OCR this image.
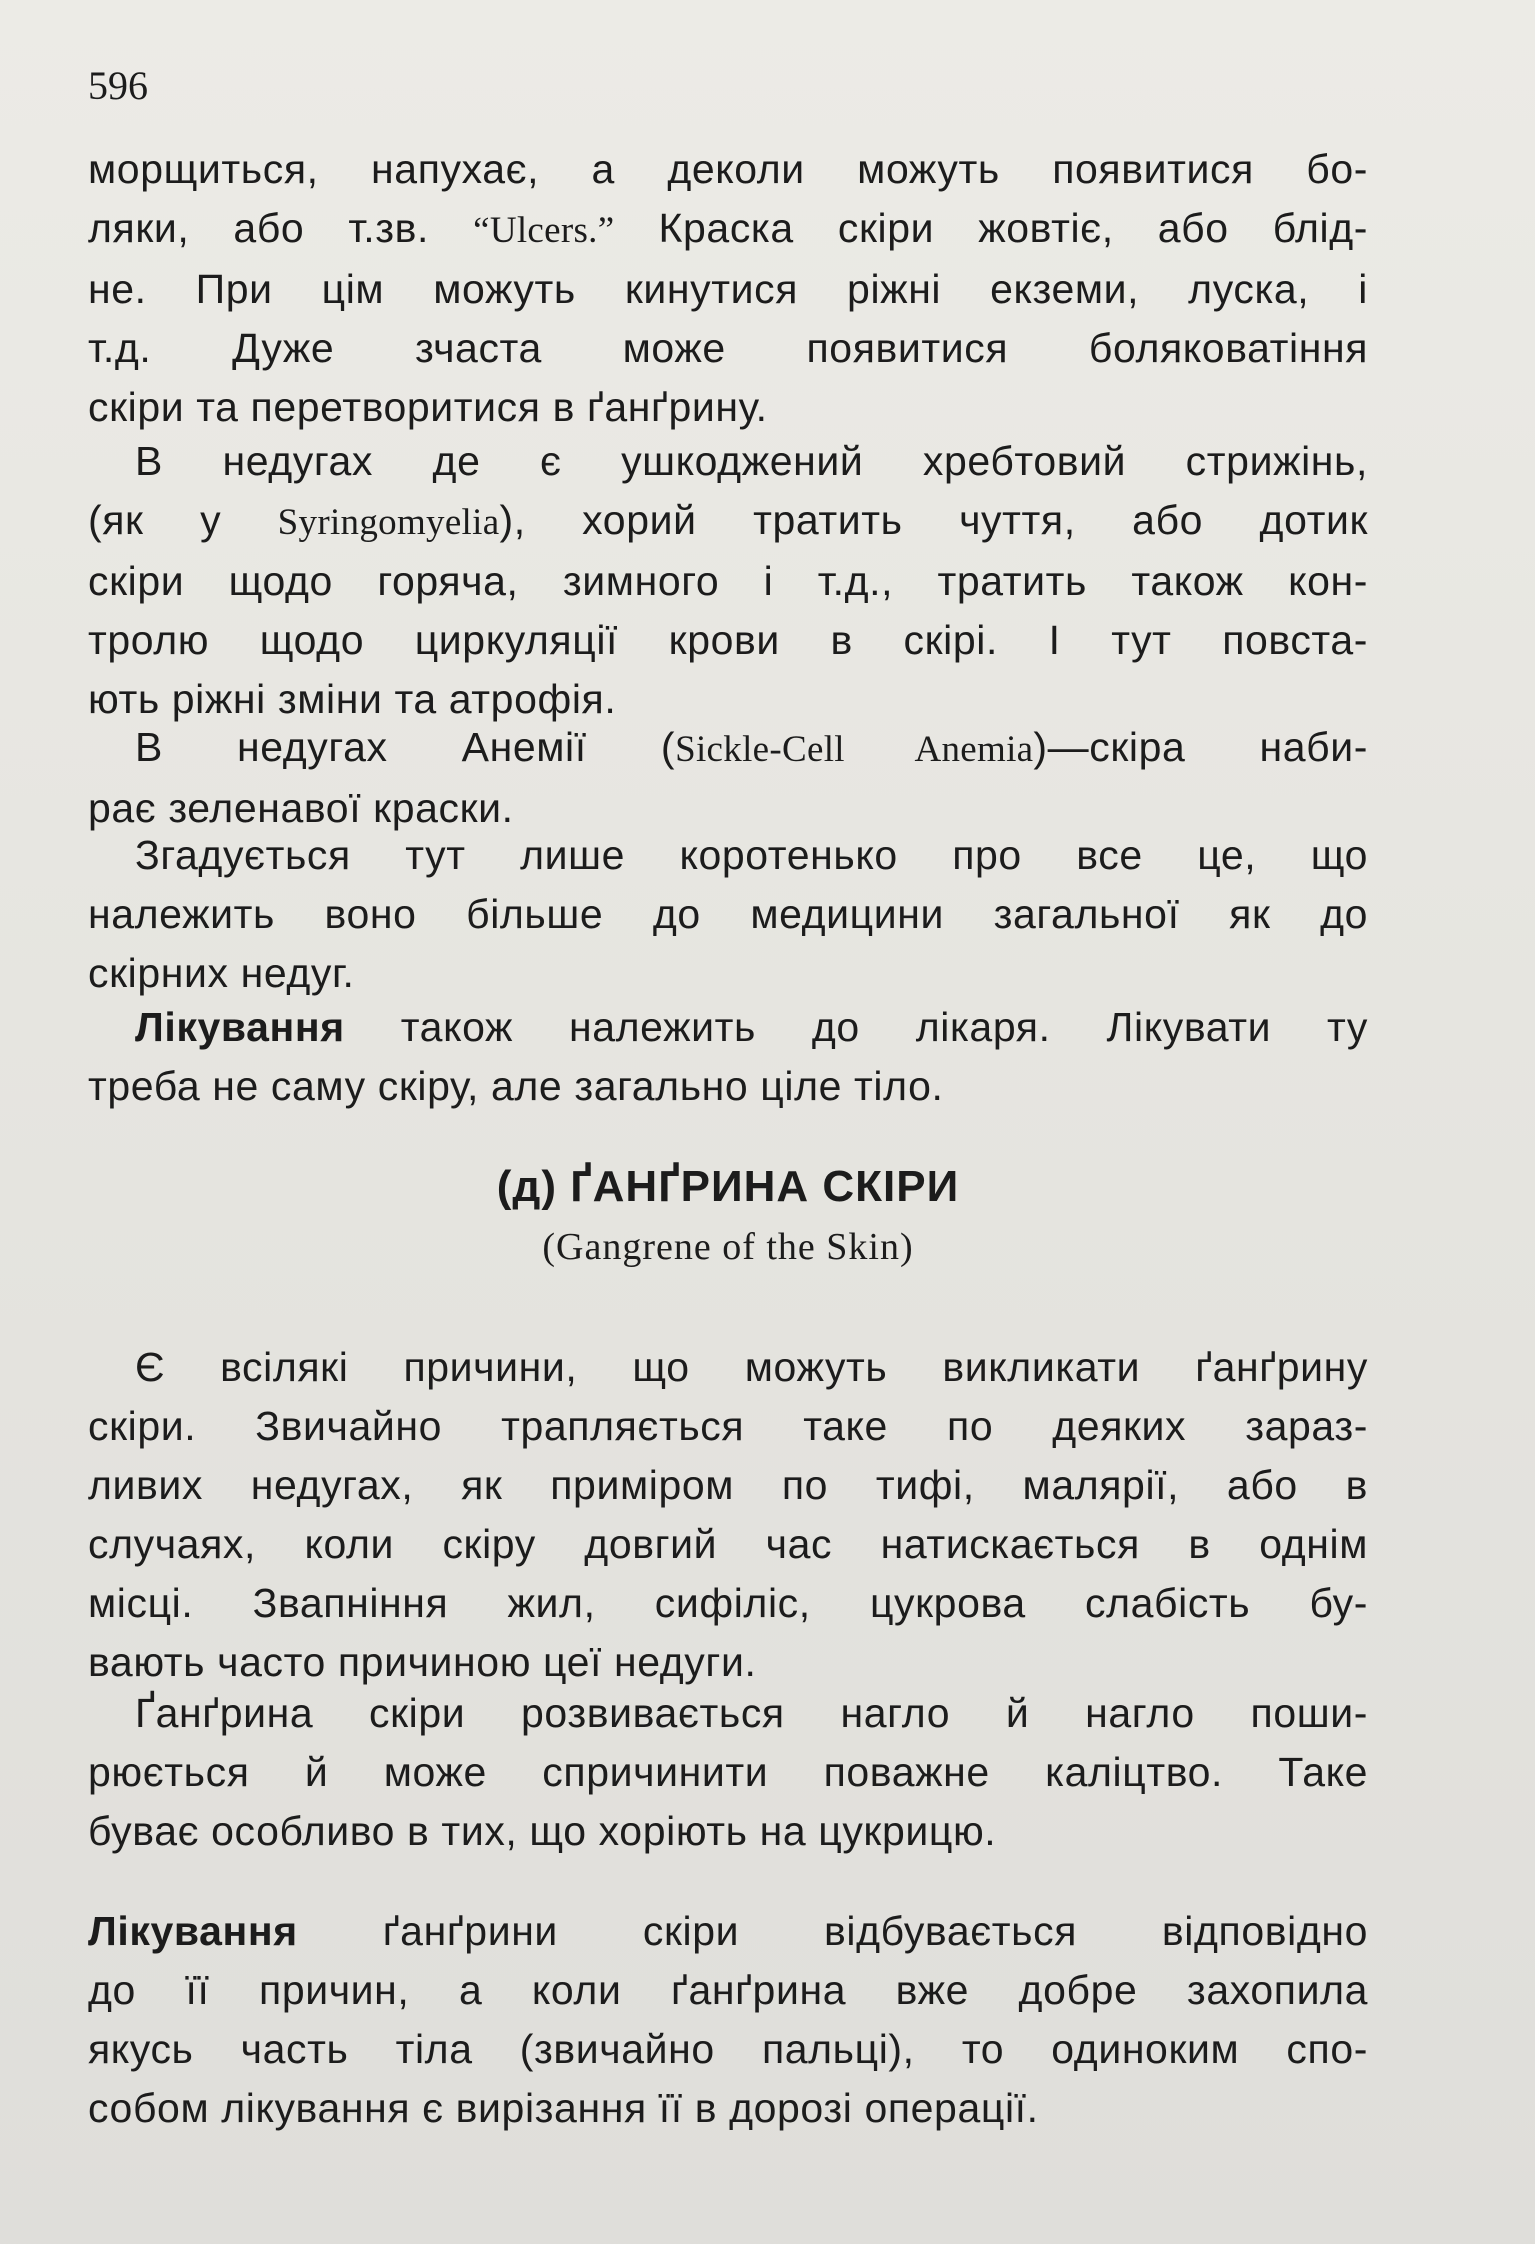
596

морщиться, напухає, а деколи можуть появитися бо-
ляки, або т.зв. “Ulcers.” Краска скіри жовтіє, або блід-
не. При цім можуть кинутися ріжні екземи, луска, і
т.д. Дуже зчаста може появитися боляковатіння
скіри та перетворитися в ґанґрину.

В недугах де є ушкоджений хребтовий стрижінь,
(як у Syringomyelia), хорий тратить чуття, або дотик
скіри щодо горяча, зимного і т.д., тратить також кон-
тролю щодо циркуляції крови в скірі. І тут повста-
ють ріжні зміни та атрофія.

В недугах Анемії (Sickle-Cell Anemia)—скіра наби-
рає зеленавої краски.

Згадується тут лише коротенько про все це, що
належить воно більше до медицини загальної як до
скірних недуг.

Лікування також належить до лікаря. Лікувати ту
треба не саму скіру, але загально ціле тіло.

(д) ҐАНҐРИНА СКІРИ

(Gangrene of the Skin)

Є всілякі причини, що можуть викликати ґанґрину
скіри. Звичайно трапляється таке по деяких зараз-
ливих недугах, як примірoм по тифі, малярії, або в
случаях, коли скіру довгий час натискається в однім
місці. Звапніння жил, сифіліс, цукрова слабість бу-
вають часто причиною цеї недуги.

Ґанґрина скіри розвивається нагло й нагло поши-
рюється й може спричинити поважне каліцтво. Таке
буває особливо в тих, що хоріють на цукрицю.

Лікування ґанґрини скіри відбувається відповідно
до її причин, а коли ґанґрина вже добре захопила
якусь часть тіла (звичайно пальці), то одиноким спо-
собом лікування є вирізання її в дорозі операції.
